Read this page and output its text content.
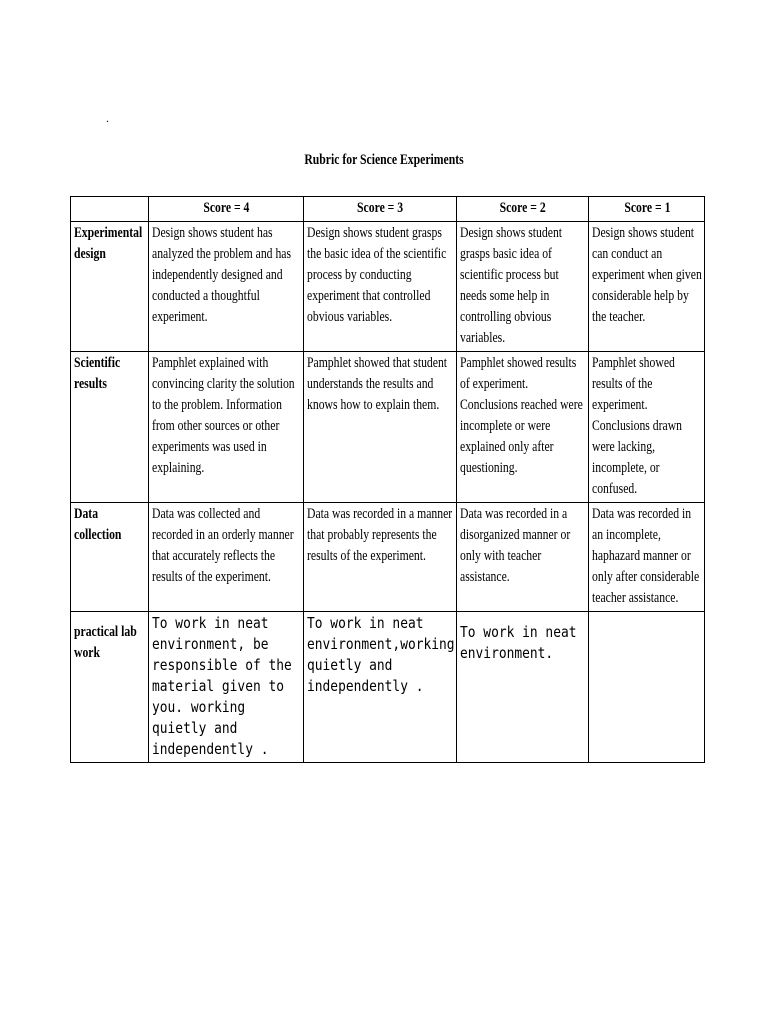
.
Rubric for Science Experiments

	Score = 4	Score = 3	Score = 2	Score = 1

Experimental design	Design shows student has analyzed the problem and has independently designed and conducted a thoughtful experiment.	Design shows student grasps the basic idea of the scientific process by conducting experiment that controlled obvious variables.	Design shows student grasps basic idea of scientific process but needs some help in controlling obvious variables.	Design shows student can conduct an experiment when given considerable help by the teacher.

Scientific results	Pamphlet explained with convincing clarity the solution to the problem. Information from other sources or other experiments was used in explaining.	Pamphlet showed that student understands the results and knows how to explain them.	Pamphlet showed results of experiment. Conclusions reached were incomplete or were explained only after questioning.	Pamphlet showed results of the experiment. Conclusions drawn were lacking, incomplete, or confused.

Data collection	Data was collected and recorded in an orderly manner that accurately reflects the results of the experiment.	Data was recorded in a manner that probably represents the results of the experiment.	Data was recorded in a disorganized manner or only with teacher assistance.	Data was recorded in an incomplete, haphazard manner or only after considerable teacher assistance.

practical lab work	To work in neat environment, be responsible of the material given to you. working quietly and independently .	To work in neat environment,working quietly and independently .	To work in neat environment.	
